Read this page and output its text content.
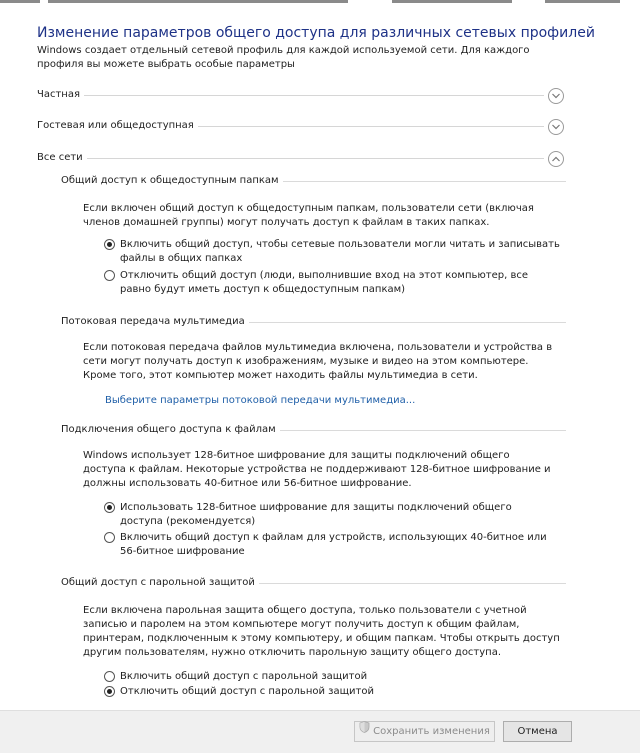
Изменение параметров общего доступа для различных сетевых профилей
Windows создает отдельный сетевой профиль для каждой используемой сети. Для каждого профиля вы можете выбрать особые параметры
Частная
Гостевая или общедоступная
Все сети
Общий доступ к общедоступным папкам
Если включен общий доступ к общедоступным папкам, пользователи сети (включая членов домашней группы) могут получать доступ к файлам в таких папках.
Включить общий доступ, чтобы сетевые пользователи могли читать и записывать файлы в общих папках
Отключить общий доступ (люди, выполнившие вход на этот компьютер, все равно будут иметь доступ к общедоступным папкам)
Потоковая передача мультимедиа
Если потоковая передача файлов мультимедиа включена, пользователи и устройства в сети могут получать доступ к изображениям, музыке и видео на этом компьютере. Кроме того, этот компьютер может находить файлы мультимедиа в сети.
Выберите параметры потоковой передачи мультимедиа...
Подключения общего доступа к файлам
Windows использует 128-битное шифрование для защиты подключений общего доступа к файлам. Некоторые устройства не поддерживают 128-битное шифрование и должны использовать 40-битное или 56-битное шифрование.
Использовать 128-битное шифрование для защиты подключений общего доступа (рекомендуется)
Включить общий доступ к файлам для устройств, использующих 40-битное или 56-битное шифрование
Общий доступ с парольной защитой
Если включена парольная защита общего доступа, только пользователи с учетной записью и паролем на этом компьютере могут получить доступ к общим файлам, принтерам, подключенным к этому компьютеру, и общим папкам. Чтобы открыть доступ другим пользователям, нужно отключить парольную защиту общего доступа.
Включить общий доступ с парольной защитой
Отключить общий доступ с парольной защитой
Сохранить изменения	Отмена
